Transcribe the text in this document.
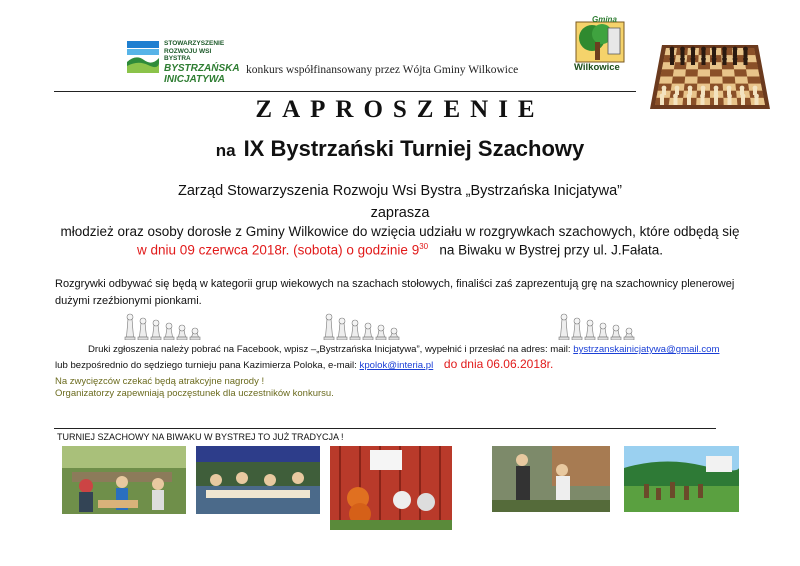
STOWARZYSZENIE
ROZWOJU WSI BYSTRA
BYSTRZAŃSKA
INICJATYWA
konkurs współfinansowany przez Wójta Gminy Wilkowice
Gmina
Wilkowice
ZAPROSZENIE
na IX Bystrzański Turniej Szachowy
Zarząd Stowarzyszenia Rozwoju Wsi Bystra „Bystrzańska Inicjatywa”
zaprasza
młodzież oraz osoby dorosłe z Gminy Wilkowice do wzięcia udziału w rozgrywkach szachowych, które odbędą się
w dniu 09 czerwca 2018r. (sobota) o godzinie $9^{30}$ na Biwaku w Bystrej przy ul. J.Fałata.
Rozgrywki odbywać się będą w kategorii grup wiekowych na szachach stołowych, finaliści zaś zaprezentują grę na szachownicy plenerowej dużymi rzeźbionymi pionkami.
Druki zgłoszenia należy pobrać na Facebook, wpisz –„Bystrzańska Inicjatywa”, wypełnić i przesłać na adres: mail: bystrzanskainicjatywa@gmail.com
lub bezpośrednio do sędziego turnieju pana Kazimierza Poloka, e-mail: kpolok@interia.pl do dnia 06.06.2018r.
Na zwycięzców czekać będą atrakcyjne nagrody !
Organizatorzy zapewniają poczęstunek dla uczestników konkursu.
TURNIEJ SZACHOWY NA BIWAKU W BYSTREJ TO JUŻ TRADYCJA !
